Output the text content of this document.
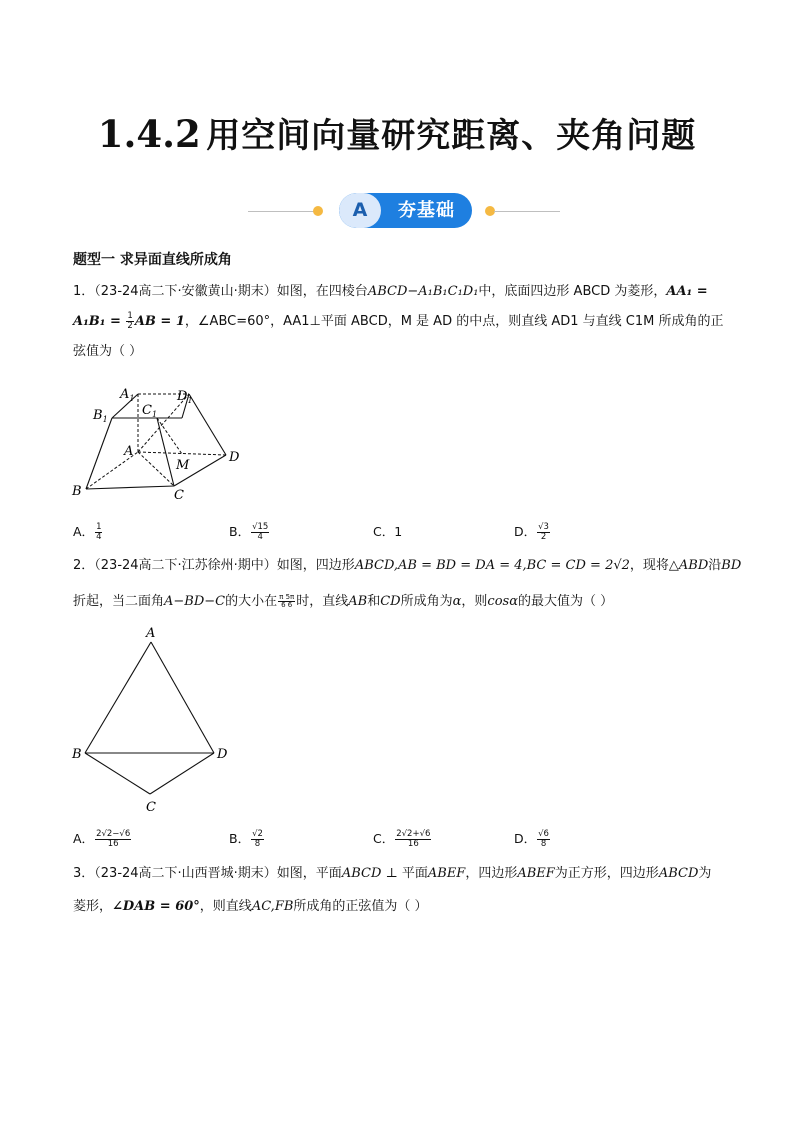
1.4.2 用空间向量研究距离、夹角问题
A	夯基础
题型一 求异面直线所成角
1．（23-24高二下·安徽黄山·期末）如图，在四棱台ABCD−A₁B₁C₁D₁中，底面四边形 ABCD 为菱形，AA₁ =
$A_1B_1 = \frac{1}{2}$ AB = 1，∠ABC=60°，AA1⊥平面 ABCD，M 是 AD 的中点，则直线 AD1 与直线 C1M 所成角的正
弦值为（ ）
$A_1$
$B_1$
$C_1$
$D_1$
A
B	C
D
M
A． $\frac{1}{4}$	B． $\frac{√15}{4}$	C．1	D． $\frac{√3}{2}$
2．（23-24高二下·江苏徐州·期中）如图，四边形ABCD,AB = BD = DA = 4,BC = CD = 2√2，现将△ABD沿BD
折起，当二面角A−BD−C的大小在 $\frac{\pi 5\pi}{6 6}$ 时，直线AB和CD所成角为α，则cosα的最大值为（ ）
A
B	D
C
A． $\frac{2√2-√6}{16}$	B． $\frac{√2}{8}$	C． $\frac{2√2+√6}{16}$	D． $\frac{√6}{8}$
3．（23-24高二下·山西晋城·期末）如图，平面ABCD ⊥ 平面ABEF，四边形ABEF为正方形，四边形ABCD为
菱形，∠DAB = 60°，则直线AC,FB所成角的正弦值为（ ）
